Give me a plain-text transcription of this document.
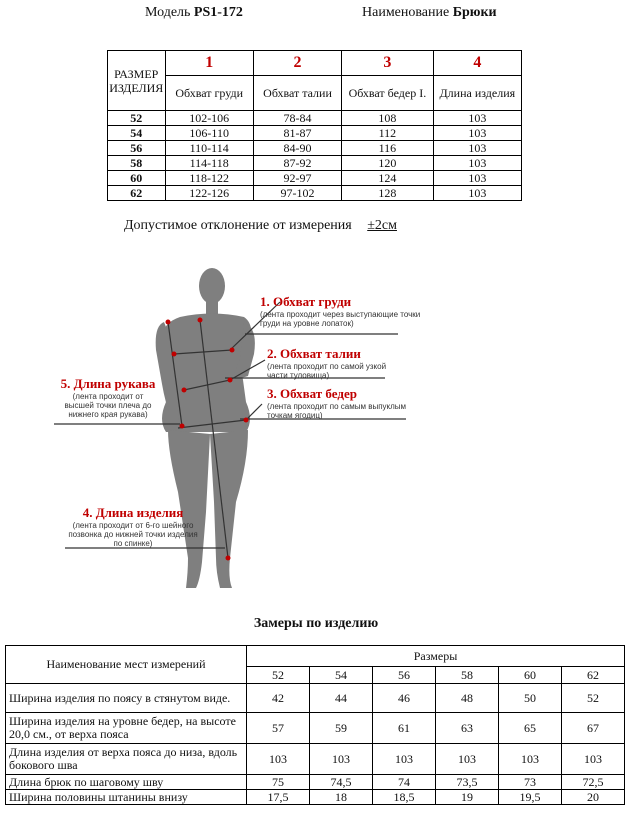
Модель PS1-172	Наименование Брюки
РАЗМЕР ИЗДЕЛИЯ	1	2	3	4
	Обхват груди	Обхват талии	Обхват бедер I.	Длина изделия
52	102-106	78-84	108	103
54	106-110	81-87	112	103
56	110-114	84-90	116	103
58	114-118	87-92	120	103
60	118-122	92-97	124	103
62	122-126	97-102	128	103
Допустимое отклонение от измерения ±2см
1. Обхват груди
(лента проходит через выступающие точки груди на уровне лопаток)
2. Обхват талии
(лента проходит по самой узкой части туловища)
3. Обхват бедер
(лента проходит по самым выпуклым точкам ягодиц)
5. Длина рукава
(лента проходит от высшей точки плеча до нижнего края рукава)
4. Длина изделия
(лента проходит от 6-го шейного позвонка до нижней точки изделия по спинке)
Замеры по изделию
Наименование мест измерений	Размеры					
	52	54	56	58	60	62
Ширина изделия по поясу в стянутом виде.	42	44	46	48	50	52
Ширина изделия на уровне бедер, на высоте 20,0 см., от верха пояса	57	59	61	63	65	67
Длина изделия от верха пояса до низа, вдоль бокового шва	103	103	103	103	103	103
Длина брюк по шаговому шву	75	74,5	74	73,5	73	72,5
Ширина половины штанины внизу	17,5	18	18,5	19	19,5	20
